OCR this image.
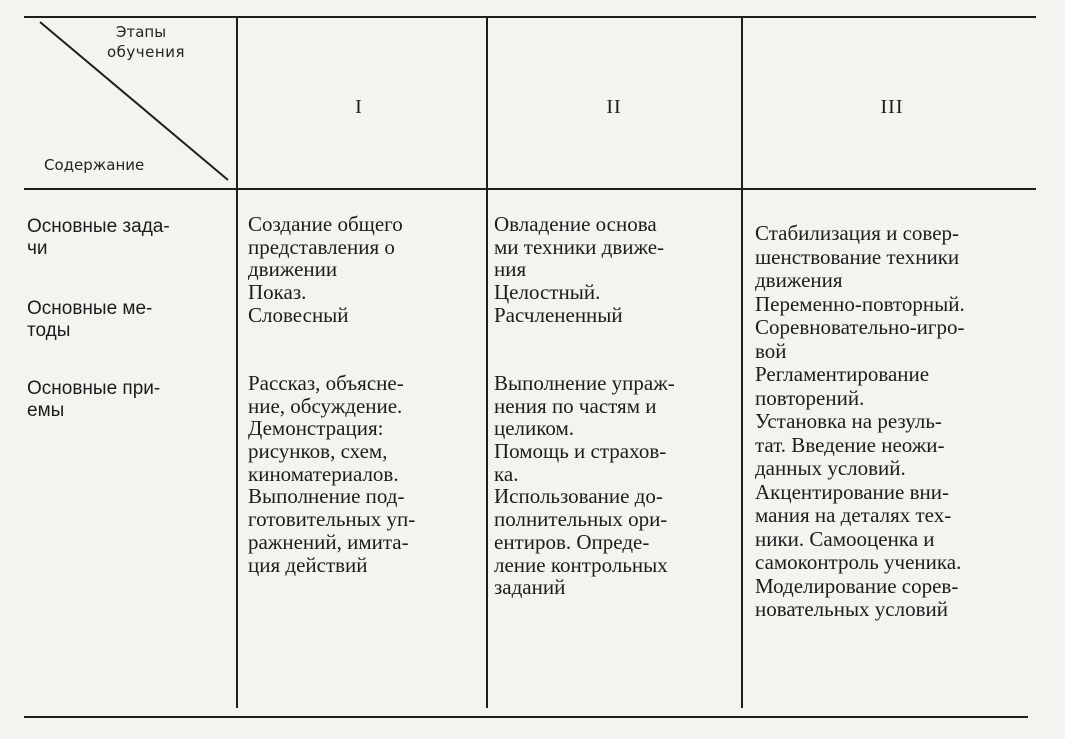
Этапы
обучения
Содержание
I	II	III
Основные зада-
чи
Основные ме-
тоды
Основные при-
емы

Создание общего

представления о

движении

Показ.

Словесный

Рассказ, объясне-

ние, обсуждение.

Демонстрация:

рисунков, схем,

киноматериалов.

Выполнение под-

готовительных уп-

ражнений, имита-

ция действий

Овладение основа

ми техники движе-

ния

Целостный.

Расчлененный

Выполнение упраж-

нения по частям и

целиком.

Помощь и страхов-

ка.

Использование до-

полнительных ори-

ентиров. Опреде-

ление контрольных

заданий

Стабилизация и совер-

шенствование техники

движения

Переменно-повторный.

Соревновательно-игро-

вой

Регламентирование

повторений.

Установка на резуль-

тат. Введение неожи-

данных условий.

Акцентирование вни-

мания на деталях тех-

ники. Самооценка и

самоконтроль ученика.

Моделирование сорев-

новательных условий
